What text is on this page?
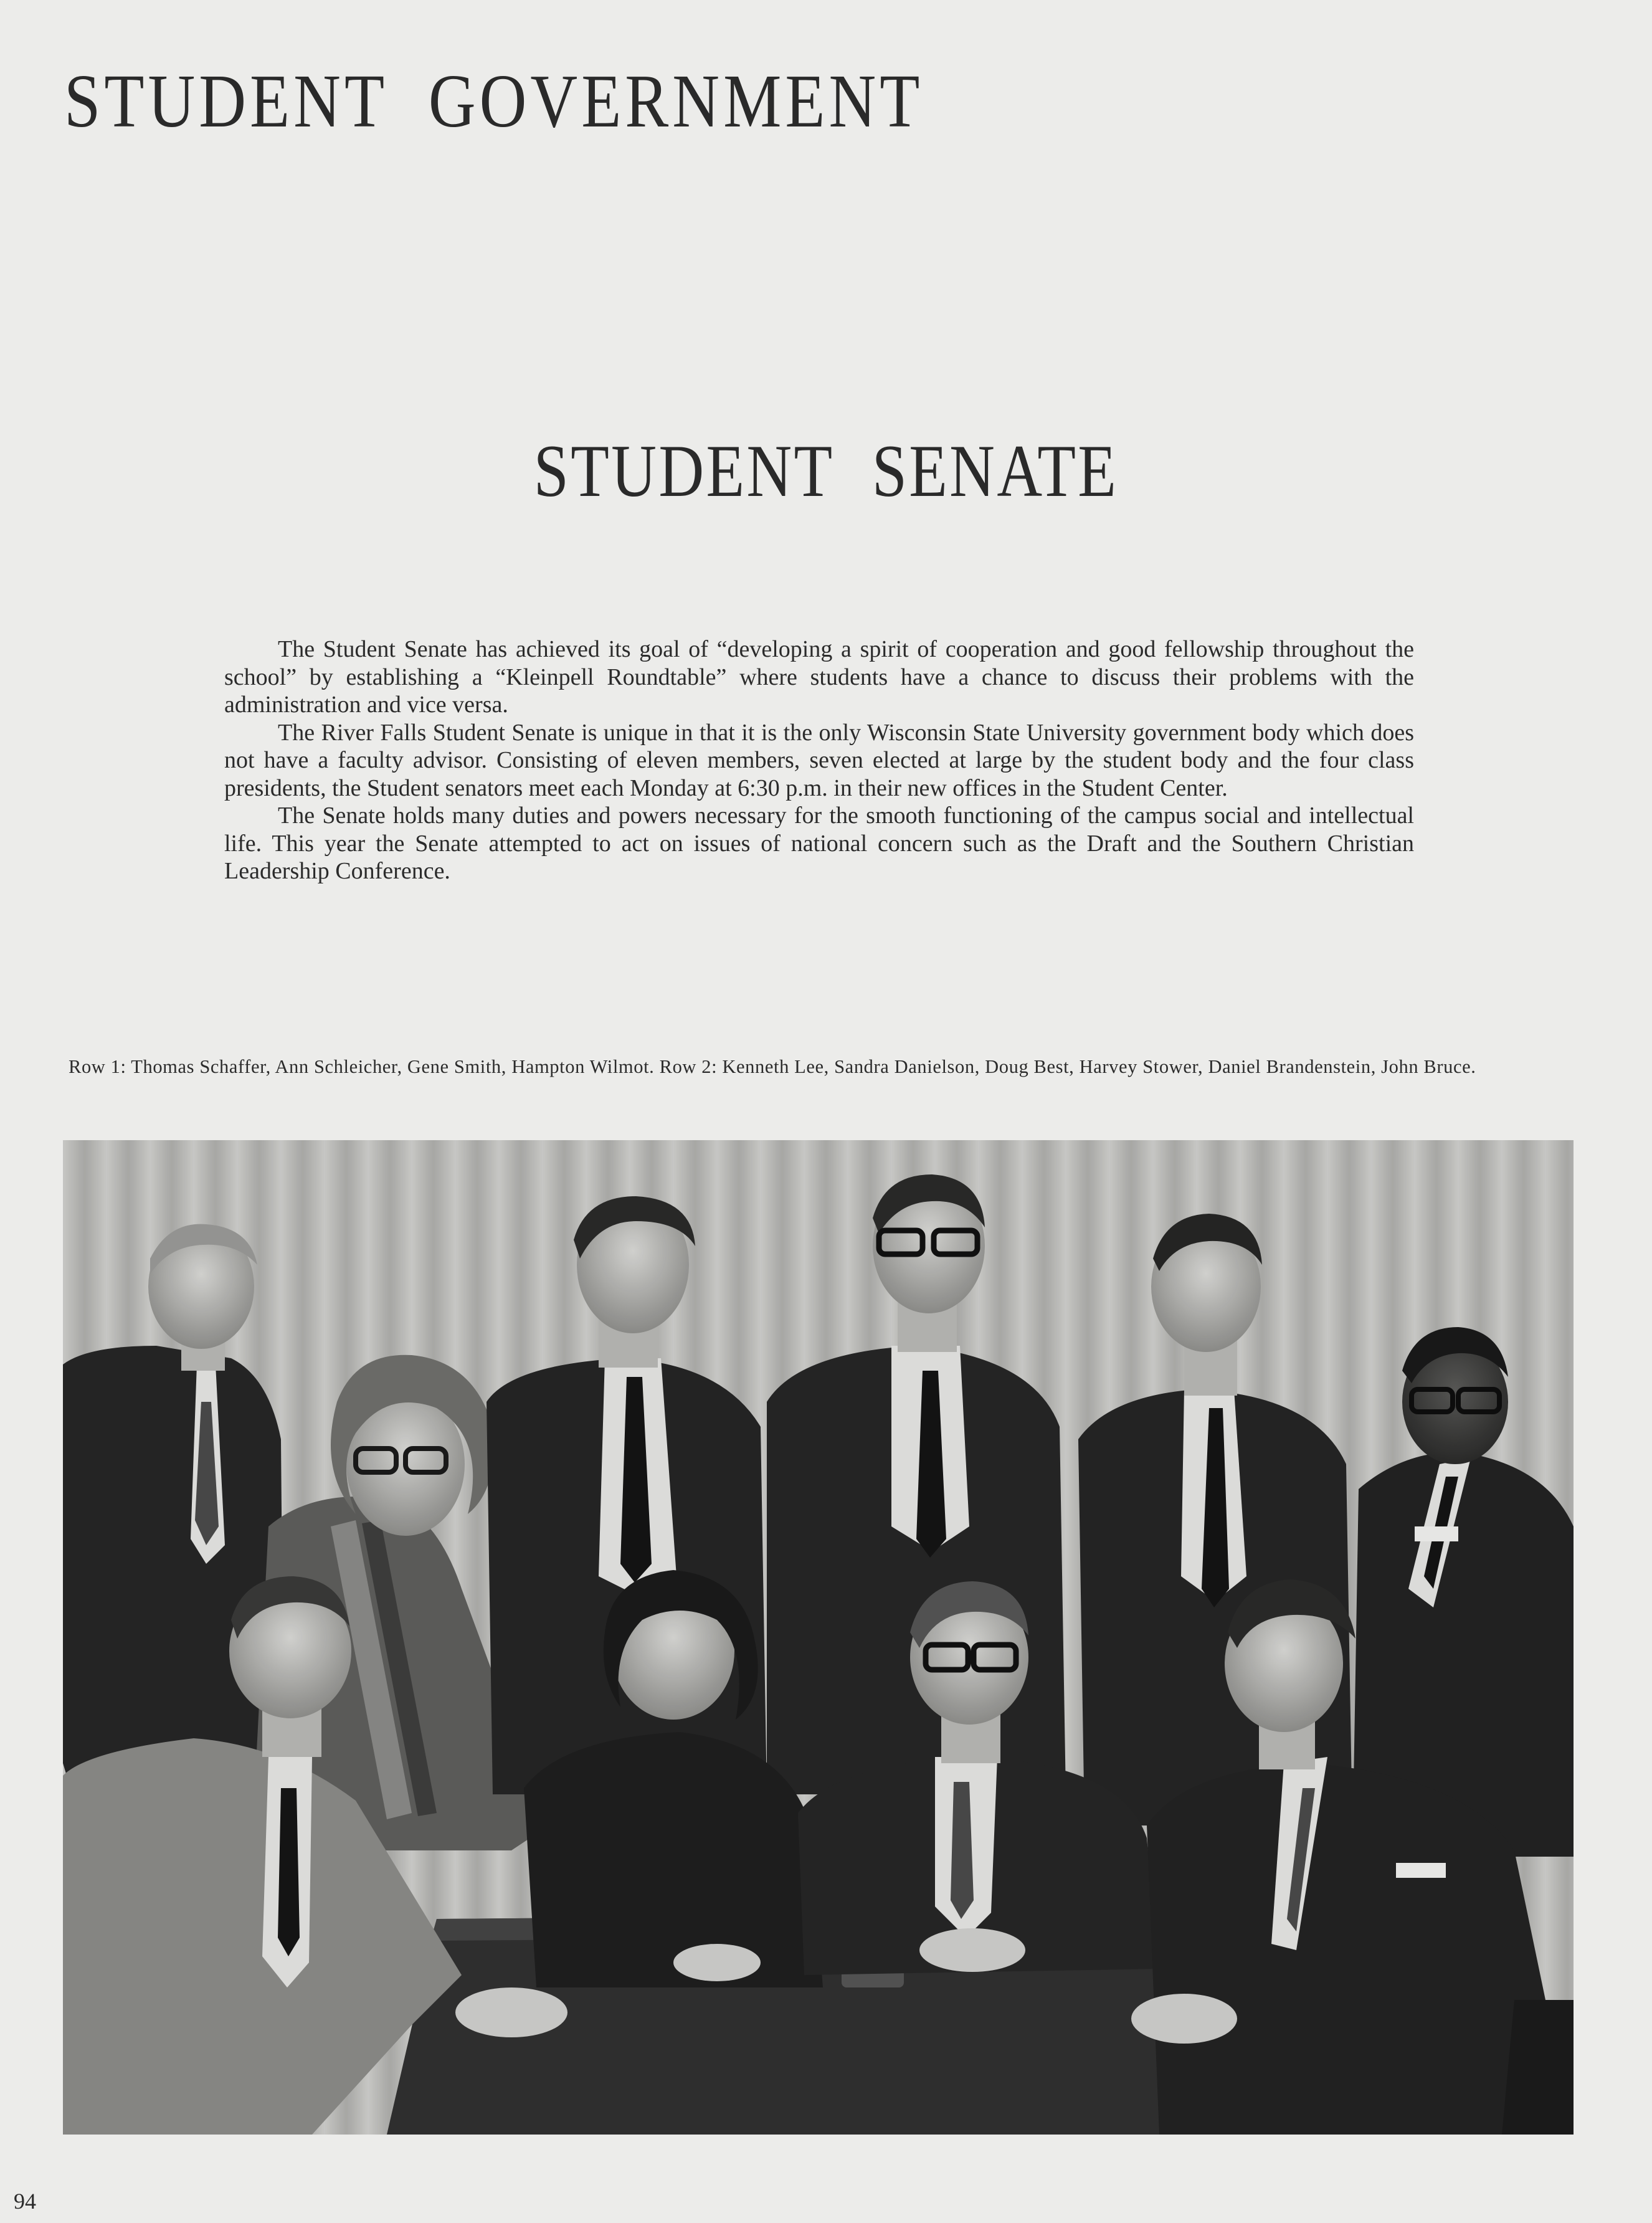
STUDENT GOVERNMENT
STUDENT SENATE

The Student Senate has achieved its goal of “developing a spirit of cooperation and good fellowship throughout the school” by establishing a “Kleinpell Roundtable” where students have a chance to discuss their problems with the administration and vice versa.

The River Falls Student Senate is unique in that it is the only Wisconsin State University government body which does not have a faculty advisor. Consisting of eleven members, seven elected at large by the student body and the four class presidents, the Student senators meet each Monday at 6:30 p.m. in their new offices in the Student Center.

The Senate holds many duties and powers necessary for the smooth functioning of the campus social and intellectual life. This year the Senate attempted to act on issues of national concern such as the Draft and the Southern Christian Leadership Conference.

Row 1: Thomas Schaffer, Ann Schleicher, Gene Smith, Hampton Wilmot. Row 2: Kenneth Lee, Sandra Danielson, Doug Best, Harvey Stower, Daniel Brandenstein, John Bruce.
94
